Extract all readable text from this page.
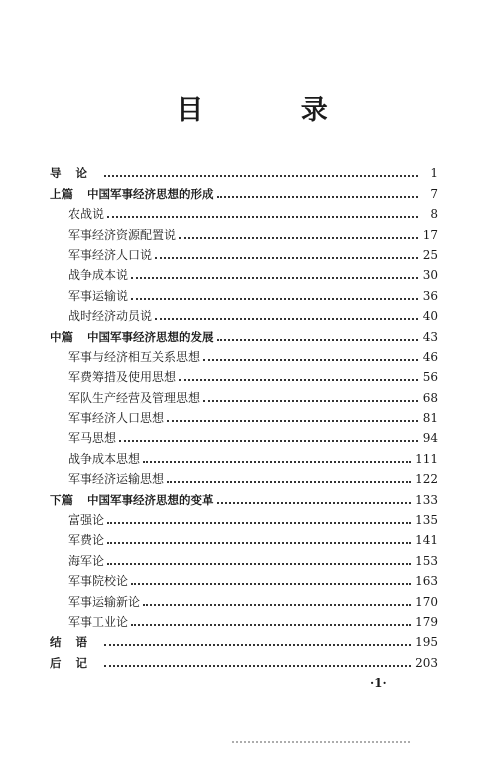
目 录
导论	1
上篇 中国军事经济思想的形成	7
农战说	8
军事经济资源配置说	17
军事经济人口说	25
战争成本说	30
军事运输说	36
战时经济动员说	40
中篇 中国军事经济思想的发展	43
军事与经济相互关系思想	46
军费筹措及使用思想	56
军队生产经营及管理思想	68
军事经济人口思想	81
军马思想	94
战争成本思想	111
军事经济运输思想	122
下篇 中国军事经济思想的变革	133
富强论	135
军费论	141
海军论	153
军事院校论	163
军事运输新论	170
军事工业论	179
结语	195
后记	203
·1·
